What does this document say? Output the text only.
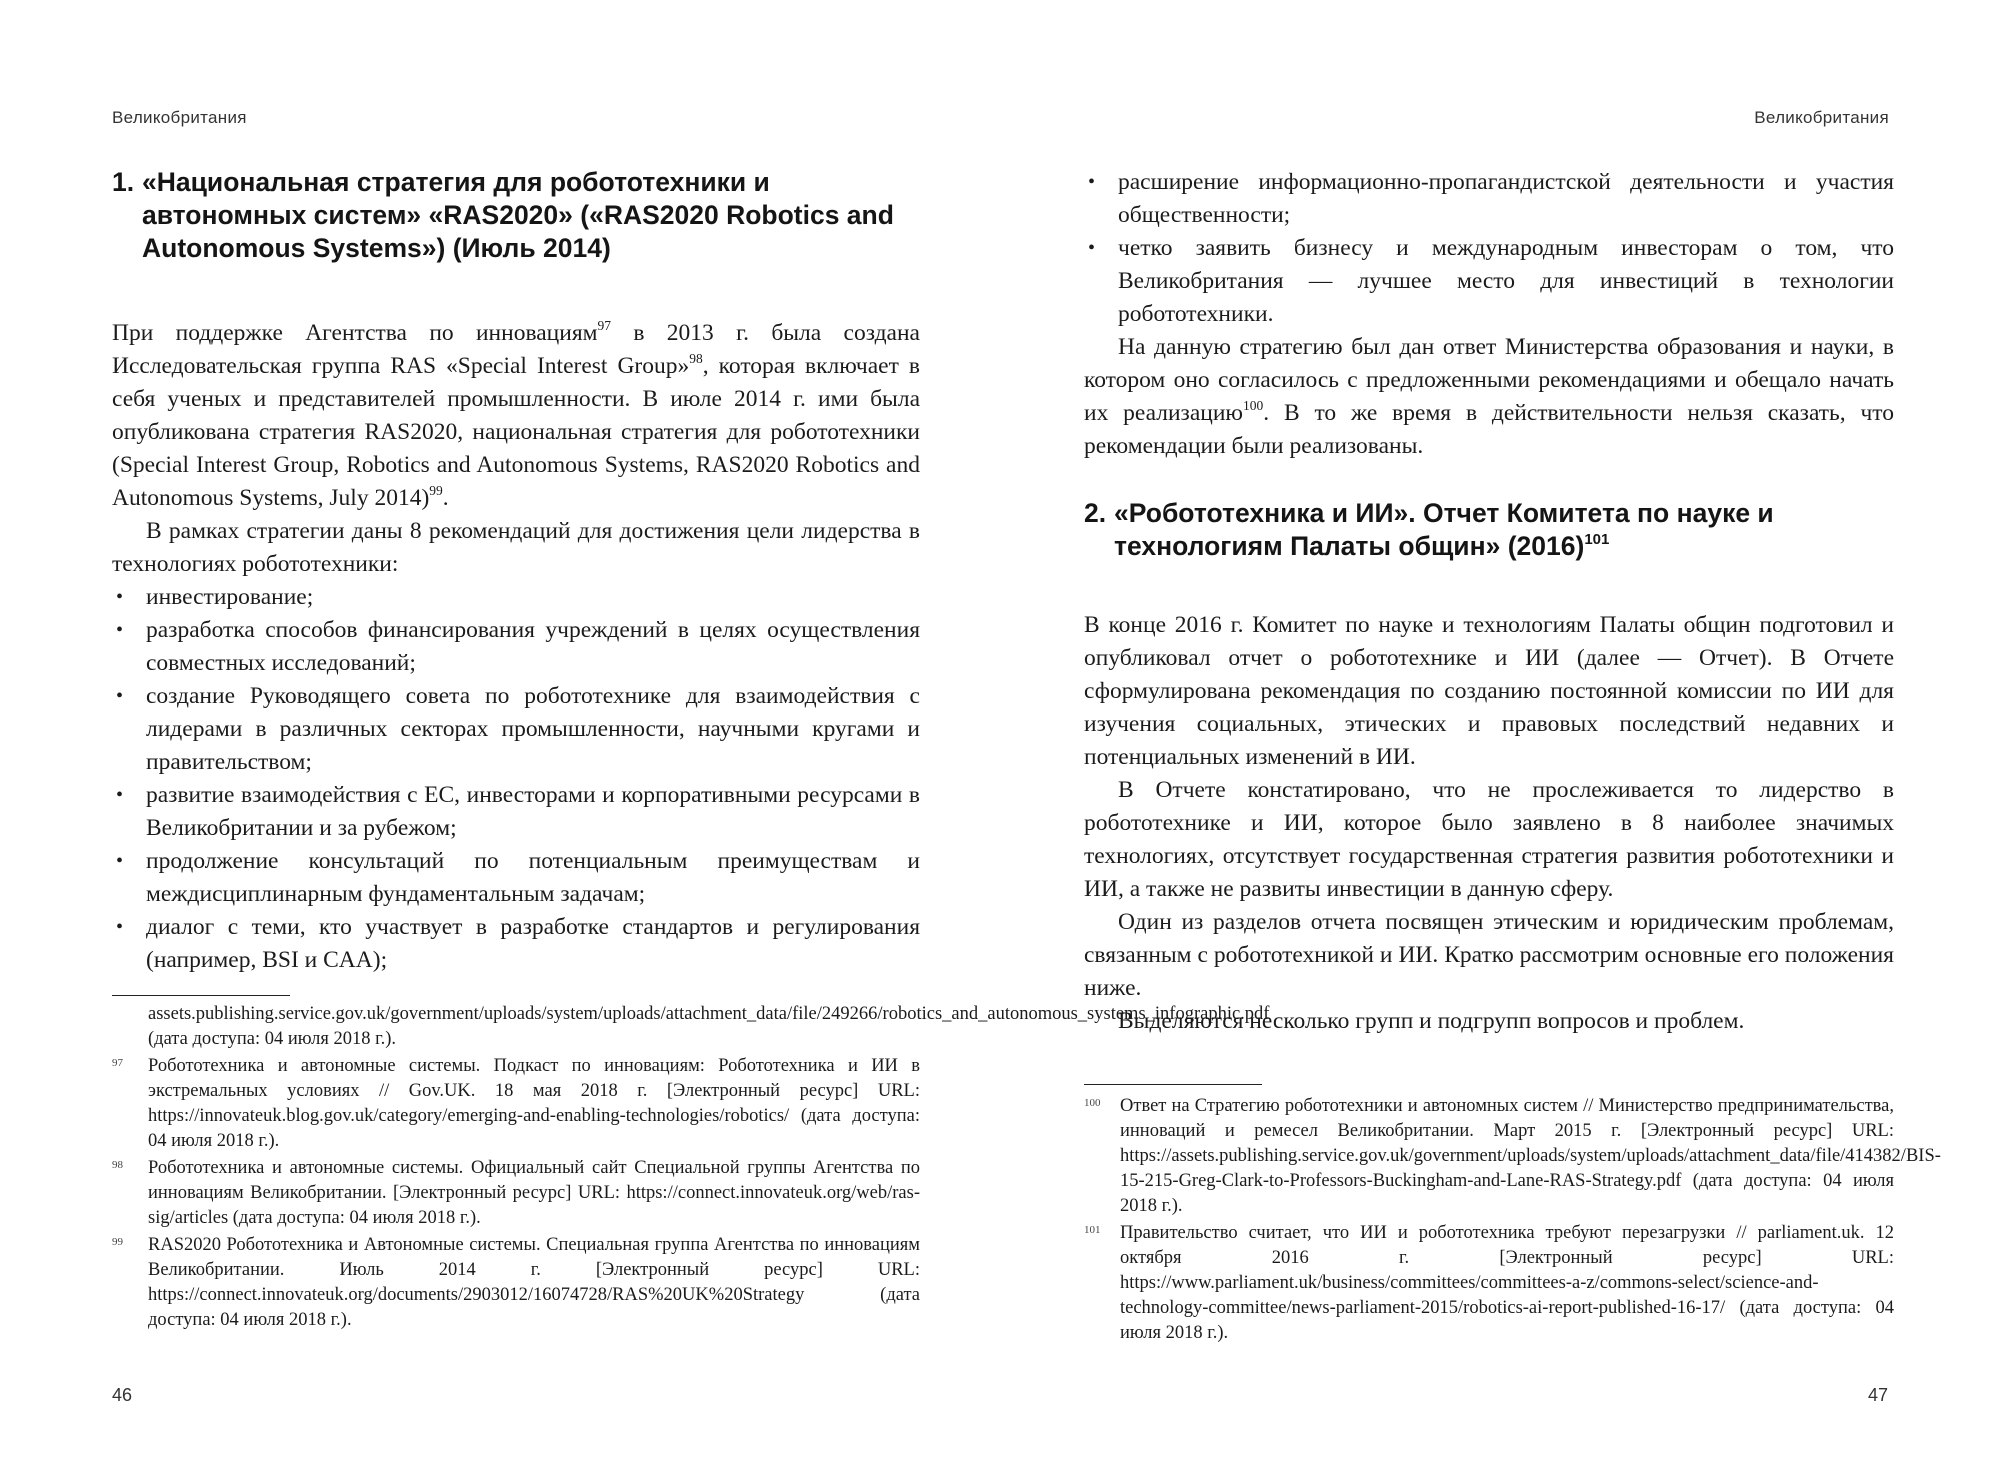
Великобритания
1. «Национальная стратегия для робототехники и автономных систем» «RAS2020» («RAS2020 Robotics and Autonomous Systems») (Июль 2014)

При поддержке Агентства по инновациям$^{97}$ в 2013 г. была создана Исследовательская группа RAS «Special Interest Group»$^{98}$, которая включает в себя ученых и представителей промышленности. В июле 2014 г. ими была опубликована стратегия RAS2020, национальная стратегия для робототехники (Special Interest Group, Robotics and Autonomous Systems, RAS2020 Robotics and Autonomous Systems, July 2014)$^{99}$.

В рамках стратегии даны 8 рекомендаций для достижения цели лидерства в технологиях робототехники:

• инвестирование;
• разработка способов финансирования учреждений в целях осуществления совместных исследований;
• создание Руководящего совета по робототехнике для взаимодействия с лидерами в различных секторах промышленности, научными кругами и правительством;
• развитие взаимодействия с ЕС, инвесторами и корпоративными ресурсами в Великобритании и за рубежом;
• продолжение консультаций по потенциальным преимуществам и междисциплинарным фундаментальным задачам;
• диалог с теми, кто участвует в разработке стандартов и регулирования (например, BSI и CAA);
assets.publishing.service.gov.uk/government/uploads/system/uploads/attachment_data/file/249266/robotics_and_autonomous_systems_infographic.pdf (дата доступа: 04 июля 2018 г.).
97 Робототехника и автономные системы. Подкаст по инновациям: Робототехника и ИИ в экстремальных условиях // Gov.UK. 18 мая 2018 г. [Электронный ресурс] URL: https://innovateuk.blog.gov.uk/category/emerging-and-enabling-technologies/robotics/ (дата доступа: 04 июля 2018 г.).
98 Робототехника и автономные системы. Официальный сайт Специальной группы Агентства по инновациям Великобритании. [Электронный ресурс] URL: https://connect.innovateuk.org/web/ras-sig/articles (дата доступа: 04 июля 2018 г.).
99 RAS2020 Робототехника и Автономные системы. Специальная группа Агентства по инновациям Великобритании. Июль 2014 г. [Электронный ресурс] URL: https://connect.innovateuk.org/documents/2903012/16074728/RAS%20UK%20Strategy (дата доступа: 04 июля 2018 г.).
46
Великобритания
• расширение информационно-пропагандистской деятельности и участия общественности;
• четко заявить бизнесу и международным инвесторам о том, что Великобритания — лучшее место для инвестиций в технологии робототехники.

На данную стратегию был дан ответ Министерства образования и науки, в котором оно согласилось с предложенными рекомендациями и обещало начать их реализацию$^{100}$. В то же время в действительности нельзя сказать, что рекомендации были реализованы.

2. «Робототехника и ИИ». Отчет Комитета по науке и технологиям Палаты общин» $(2016)^{101}$

В конце 2016 г. Комитет по науке и технологиям Палаты общин подготовил и опубликовал отчет о робототехнике и ИИ (далее — Отчет). В Отчете сформулирована рекомендация по созданию постоянной комиссии по ИИ для изучения социальных, этических и правовых последствий недавних и потенциальных изменений в ИИ.

В Отчете констатировано, что не прослеживается то лидерство в робототехнике и ИИ, которое было заявлено в 8 наиболее значимых технологиях, отсутствует государственная стратегия развития робототехники и ИИ, а также не развиты инвестиции в данную сферу.

Один из разделов отчета посвящен этическим и юридическим проблемам, связанным с робототехникой и ИИ. Кратко рассмотрим основные его положения ниже.

Выделяются несколько групп и подгрупп вопросов и проблем.

100 Ответ на Стратегию робототехники и автономных систем // Министерство предпринимательства, инноваций и ремесел Великобритании. Март 2015 г. [Электронный ресурс] URL: https://assets.publishing.service.gov.uk/government/uploads/system/uploads/attachment_data/file/414382/BIS-15-215-Greg-Clark-to-Professors-Buckingham-and-Lane-RAS-Strategy.pdf (дата доступа: 04 июля 2018 г.).
101 Правительство считает, что ИИ и робототехника требуют перезагрузки // parliament.uk. 12 октября 2016 г. [Электронный ресурс] URL: https://www.parliament.uk/business/committees/committees-a-z/commons-select/science-and-technology-committee/news-parliament-2015/robotics-ai-report-published-16-17/ (дата доступа: 04 июля 2018 г.).
47
